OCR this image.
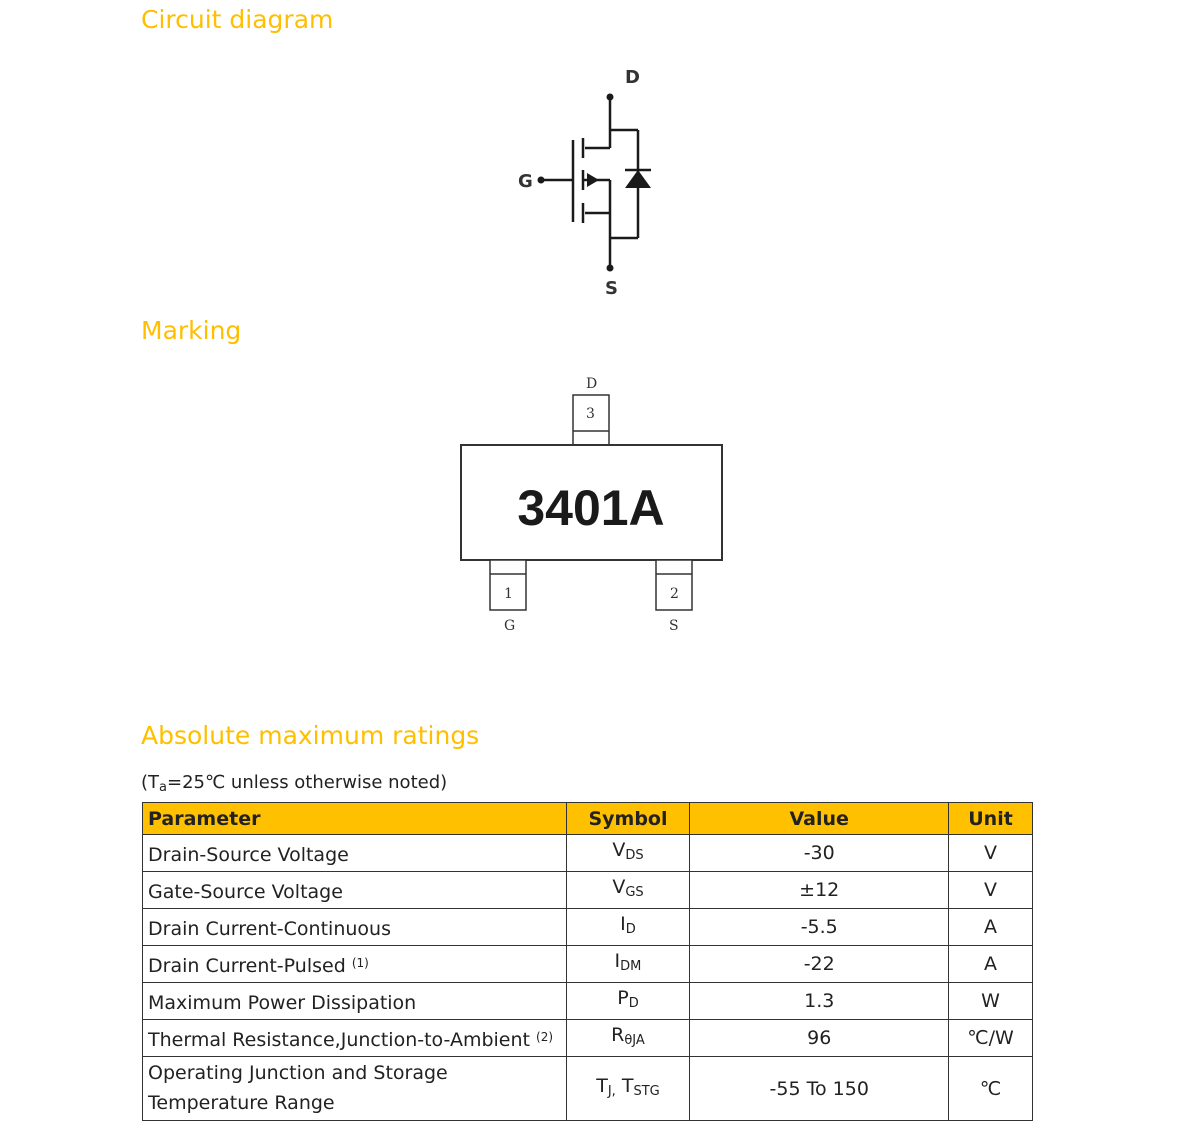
Circuit diagram
D
G
S
Marking
D
3
3401A
1
G
2
S
Absolute maximum ratings
($T_a=25℃$ unless otherwise noted)
Parameter	Symbol	Value	Unit
Drain-Source Voltage	$V_{DS}$	-30	V
Gate-Source Voltage	$V_{GS}$	±12	V
Drain Current-Continuous	$I_D$	-5.5	A
Drain Current-Pulsed $^{(1)}$	$I_{DM}$	-22	A
Maximum Power Dissipation	$P_D$	1.3	W
Thermal Resistance,Junction-to-Ambient $^{(2)}$	$R_{\theta JA}$	96	℃/W
Operating Junction and Storage
Temperature Range	$T_{J,}$ $T_{STG}$	-55 To 150	℃
